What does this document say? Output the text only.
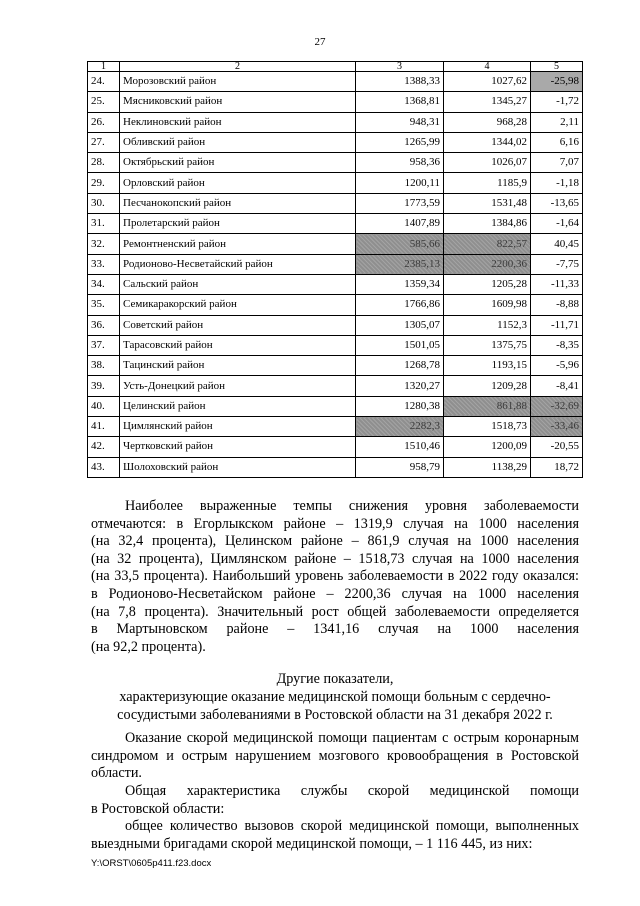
27
1	2	3	4	5
24.	Морозовский район	1388,33	1027,62	-25,98
25.	Мясниковский район	1368,81	1345,27	-1,72
26.	Неклиновский район	948,31	968,28	2,11
27.	Обливский район	1265,99	1344,02	6,16
28.	Октябрьский район	958,36	1026,07	7,07
29.	Орловский район	1200,11	1185,9	-1,18
30.	Песчанокопский район	1773,59	1531,48	-13,65
31.	Пролетарский район	1407,89	1384,86	-1,64
32.	Ремонтненский район	585,66	822,57	40,45
33.	Родионово-Несветайский район	2385,13	2200,36	-7,75
34.	Сальский район	1359,34	1205,28	-11,33
35.	Семикаракорский район	1766,86	1609,98	-8,88
36.	Советский район	1305,07	1152,3	-11,71
37.	Тарасовский район	1501,05	1375,75	-8,35
38.	Тацинский район	1268,78	1193,15	-5,96
39.	Усть-Донецкий район	1320,27	1209,28	-8,41
40.	Целинский район	1280,38	861,88	-32,69
41.	Цимлянский район	2282,3	1518,73	-33,46
42.	Чертковский район	1510,46	1200,09	-20,55
43.	Шолоховский район	958,79	1138,29	18,72

Наиболее выраженные темпы снижения уровня заболеваемости

отмечаются: в Егорлыкском районе – 1319,9 случая на 1000 населения

(на 32,4 процента), Целинском районе – 861,9 случая на 1000 населения

(на 32 процента), Цимлянском районе – 1518,73 случая на 1000 населения

(на 33,5 процента). Наибольший уровень заболеваемости в 2022 году оказался:

в Родионово-Несветайском районе – 2200,36 случая на 1000 населения

(на 7,8 процента). Значительный рост общей заболеваемости определяется

в Мартыновском районе – 1341,16 случая на 1000 населения

(на 92,2 процента).

Другие показатели,
характеризующие оказание медицинской помощи больным с сердечно-
сосудистыми заболеваниями в Ростовской области на 31 декабря 2022 г.

Оказание скорой медицинской помощи пациентам с острым коронарным

синдромом и острым нарушением мозгового кровообращения в Ростовской

области.

Общая характеристика службы скорой медицинской помощи

в Ростовской области:

общее количество вызовов скорой медицинской помощи, выполненных

выездными бригадами скорой медицинской помощи, – 1 116 445, из них:

Y:\ORST\0605p411.f23.docx
